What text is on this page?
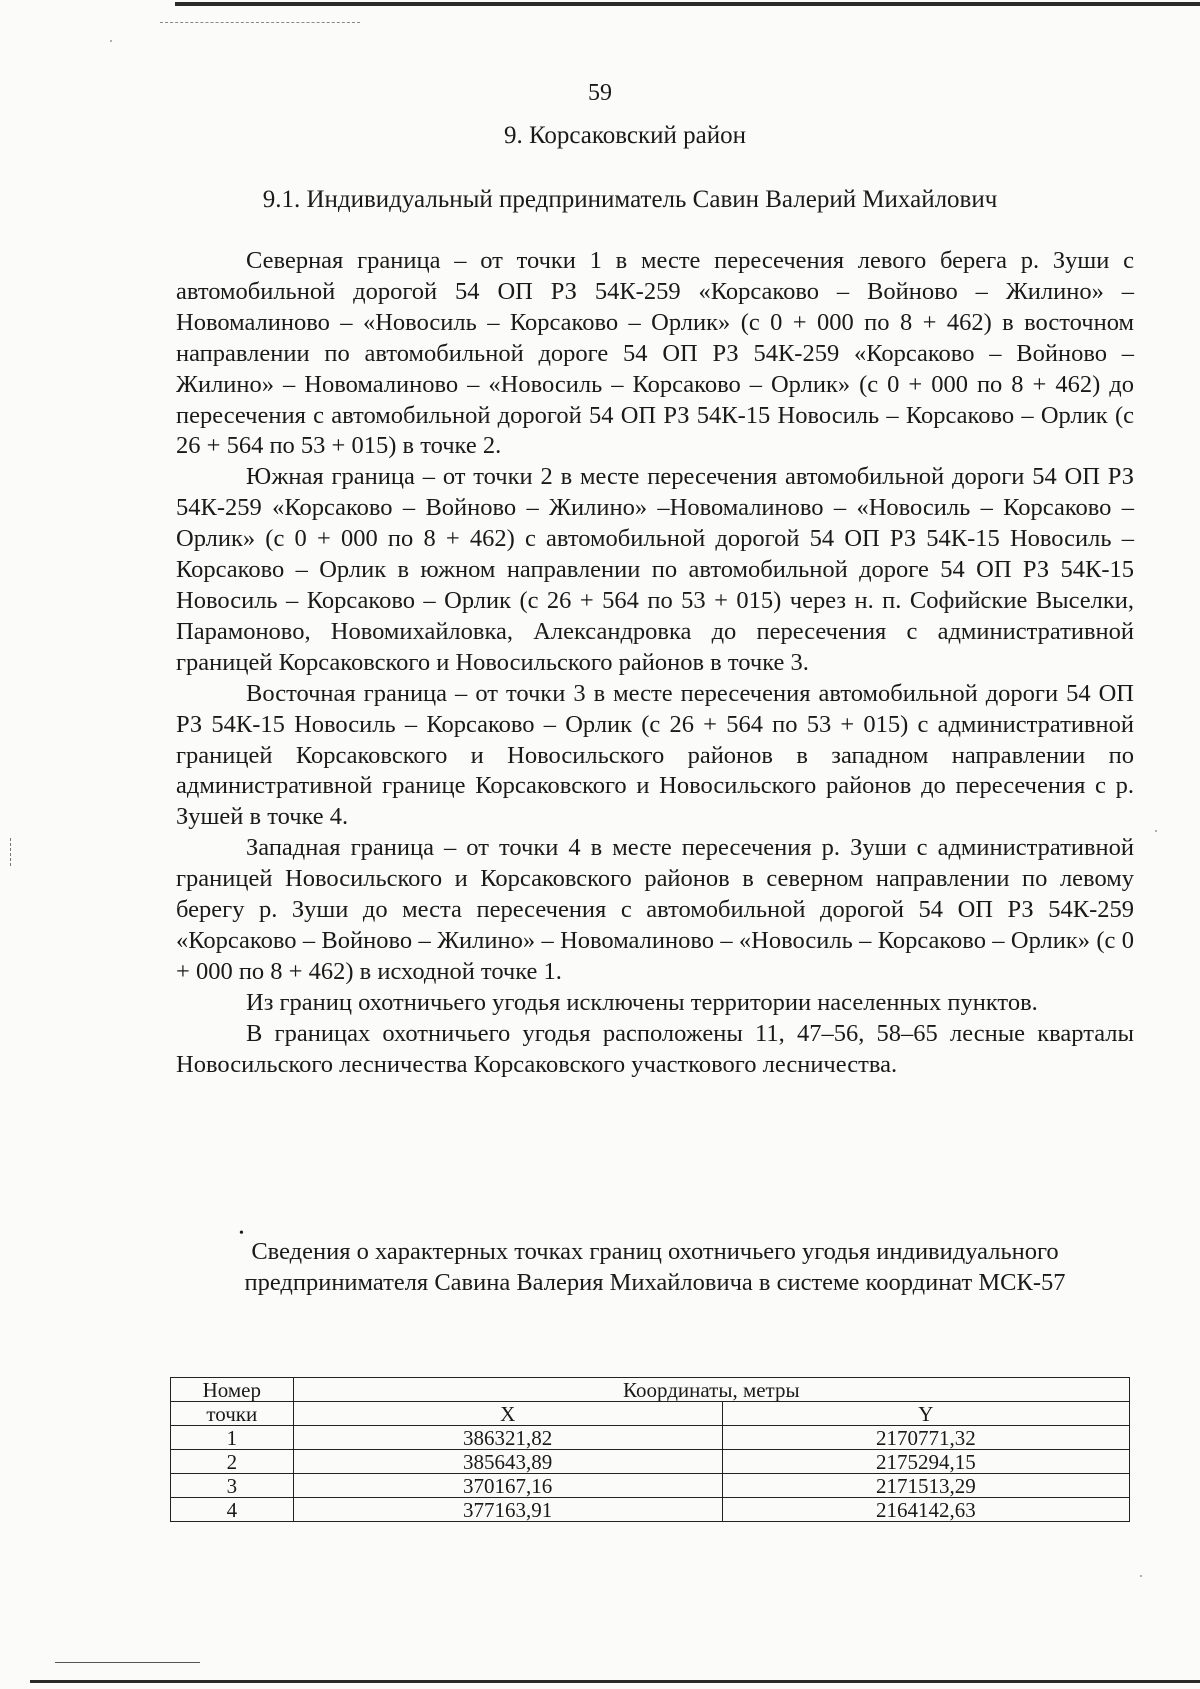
59
9. Корсаковский район
9.1. Индивидуальный предприниматель Савин Валерий Михайлович

Северная граница – от точки 1 в месте пересечения левого берега р. Зуши с автомобильной дорогой 54 ОП РЗ 54К-259 «Корсаково – Войново – Жилино» – Новомалиново – «Новосиль – Корсаково – Орлик» (с 0 + 000 по 8 + 462) в восточном направлении по автомобильной дороге 54 ОП РЗ 54К-259 «Корсаково – Войново – Жилино» – Новомалиново – «Новосиль – Корсаково – Орлик» (с 0 + 000 по 8 + 462) до пересечения с автомобильной дорогой 54 ОП РЗ 54К-15 Новосиль – Корсаково – Орлик (с 26 + 564 по 53 + 015) в точке 2.

Южная граница – от точки 2 в месте пересечения автомобильной дороги 54 ОП РЗ 54К-259 «Корсаково – Войново – Жилино» –Новомалиново – «Новосиль – Корсаково – Орлик» (с 0 + 000 по 8 + 462) с автомобильной дорогой 54 ОП РЗ 54К-15 Новосиль – Корсаково – Орлик в южном направлении по автомобильной дороге 54 ОП РЗ 54К-15 Новосиль – Корсаково – Орлик (с 26 + 564 по 53 + 015) через н. п. Софийские Выселки, Парамоново, Новомихайловка, Александровка до пересечения с административной границей Корсаковского и Новосильского районов в точке 3.

Восточная граница – от точки 3 в месте пересечения автомобильной дороги 54 ОП РЗ 54К-15 Новосиль – Корсаково – Орлик (с 26 + 564 по 53 + 015) с административной границей Корсаковского и Новосильского районов в западном направлении по административной границе Корсаковского и Новосильского районов до пересечения с р. Зушей в точке 4.

Западная граница – от точки 4 в месте пересечения р. Зуши с административной границей Новосильского и Корсаковского районов в северном направлении по левому берегу р. Зуши до места пересечения с автомобильной дорогой 54 ОП РЗ 54К-259 «Корсаково – Войново – Жилино» – Новомалиново – «Новосиль – Корсаково – Орлик» (с 0 + 000 по 8 + 462) в исходной точке 1.

Из границ охотничьего угодья исключены территории населенных пунктов.

В границах охотничьего угодья расположены 11, 47–56, 58–65 лесные кварталы Новосильского лесничества Корсаковского участкового лесничества.

•
Сведения о характерных точках границ охотничьего угодья индивидуального предпринимателя Савина Валерия Михайловича в системе координат МСК-57
Номер	Координаты, метры	
точки	X	Y
1	386321,82	2170771,32
2	385643,89	2175294,15
3	370167,16	2171513,29
4	377163,91	2164142,63
